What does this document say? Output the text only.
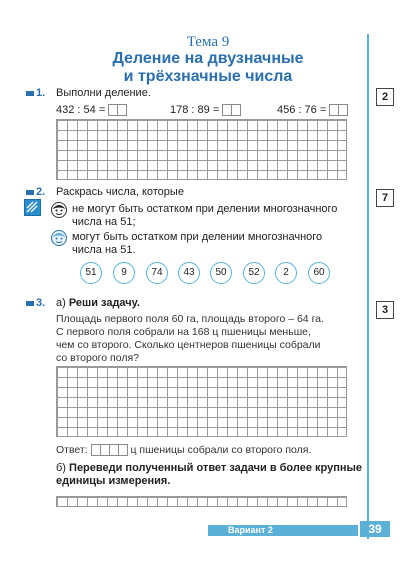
Тема 9
Деление на двузначные
и трёхзначные числа
1. Выполни деление.	2
432 : 54 =	178 : 89 =	456 : 76 =
2. Раскрась числа, которые	7
не могут быть остатком при делении многозначного
числа на 51;
могут быть остатком при делении многозначного
числа на 51.
51	9	74	43	50	52	2	60
3. а) Реши задачу.
3
Площадь первого поля 60 га, площадь второго – 64 га.
С первого поля собрали на 168 ц пшеницы меньше,
чем со второго. Сколько центнеров пшеницы собрали
со второго поля?
Ответ:	ц пшеницы собрали со второго поля.
б) Переведи полученный ответ задачи в более крупные
единицы измерения.
Вариант 2	39
